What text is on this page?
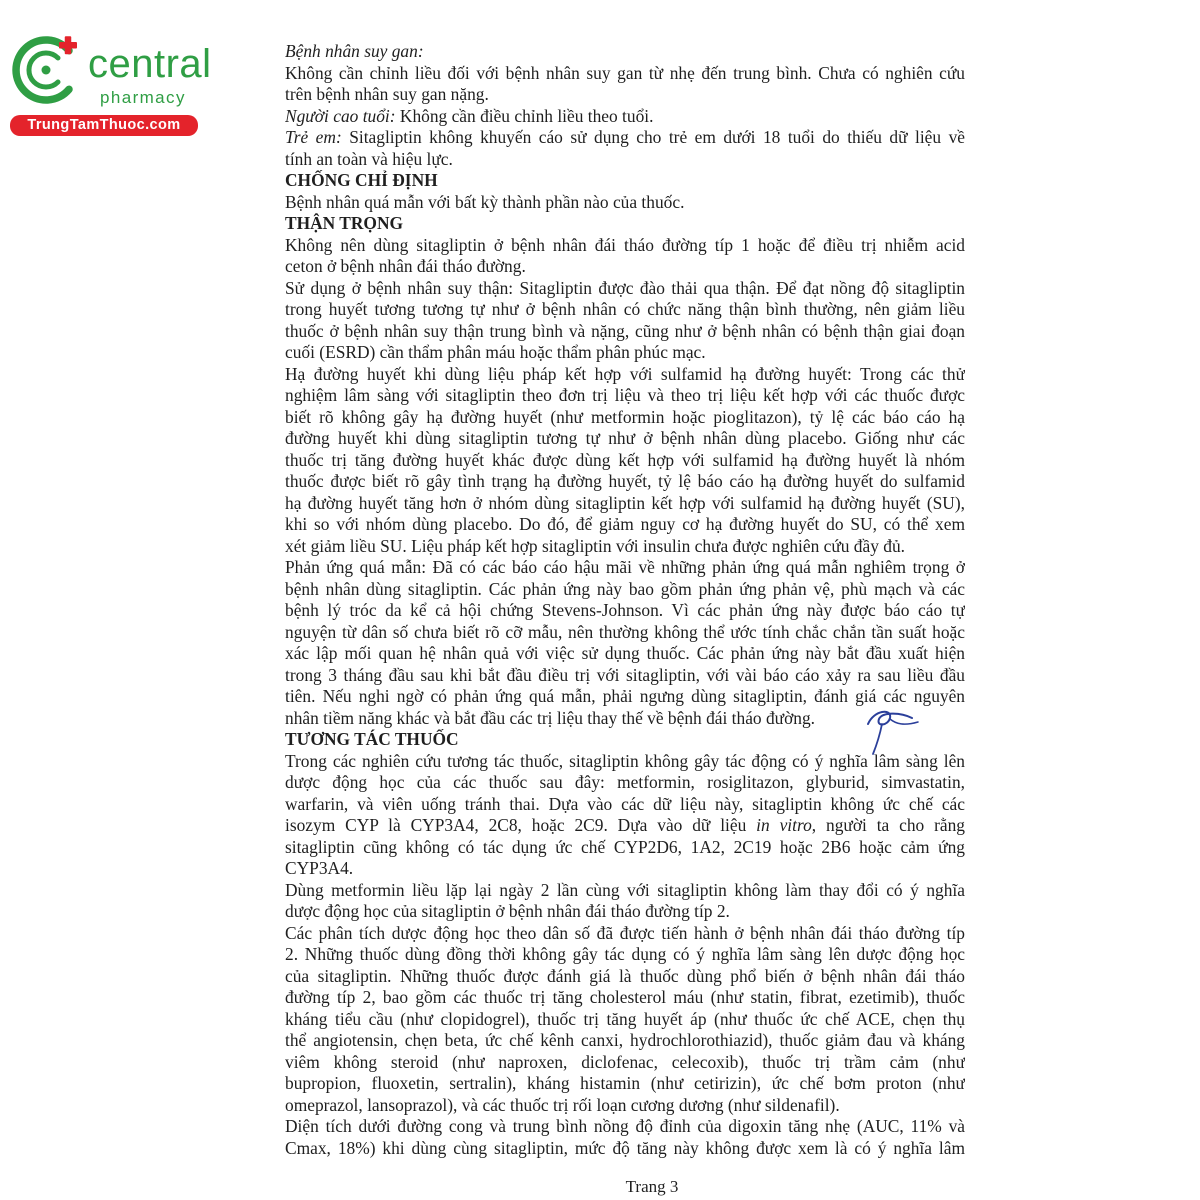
central
pharmacy
TrungTamThuoc.com
Bệnh nhân suy gan:
Không cần chỉnh liều đối với bệnh nhân suy gan từ nhẹ đến trung bình. Chưa có nghiên cứu
trên bệnh nhân suy gan nặng.
Người cao tuổi: Không cần điều chỉnh liều theo tuổi.
Trẻ em: Sitagliptin không khuyến cáo sử dụng cho trẻ em dưới 18 tuổi do thiếu dữ liệu về
tính an toàn và hiệu lực.
CHỐNG CHỈ ĐỊNH
Bệnh nhân quá mẫn với bất kỳ thành phần nào của thuốc.
THẬN TRỌNG
Không nên dùng sitagliptin ở bệnh nhân đái tháo đường típ 1 hoặc để điều trị nhiễm acid
ceton ở bệnh nhân đái tháo đường.
Sử dụng ở bệnh nhân suy thận: Sitagliptin được đào thải qua thận. Để đạt nồng độ sitagliptin
trong huyết tương tương tự như ở bệnh nhân có chức năng thận bình thường, nên giảm liều
thuốc ở bệnh nhân suy thận trung bình và nặng, cũng như ở bệnh nhân có bệnh thận giai đoạn
cuối (ESRD) cần thẩm phân máu hoặc thẩm phân phúc mạc.
Hạ đường huyết khi dùng liệu pháp kết hợp với sulfamid hạ đường huyết: Trong các thử
nghiệm lâm sàng với sitagliptin theo đơn trị liệu và theo trị liệu kết hợp với các thuốc được
biết rõ không gây hạ đường huyết (như metformin hoặc pioglitazon), tỷ lệ các báo cáo hạ
đường huyết khi dùng sitagliptin tương tự như ở bệnh nhân dùng placebo. Giống như các
thuốc trị tăng đường huyết khác được dùng kết hợp với sulfamid hạ đường huyết là nhóm
thuốc được biết rõ gây tình trạng hạ đường huyết, tỷ lệ báo cáo hạ đường huyết do sulfamid
hạ đường huyết tăng hơn ở nhóm dùng sitagliptin kết hợp với sulfamid hạ đường huyết (SU),
khi so với nhóm dùng placebo. Do đó, để giảm nguy cơ hạ đường huyết do SU, có thể xem
xét giảm liều SU. Liệu pháp kết hợp sitagliptin với insulin chưa được nghiên cứu đầy đủ.
Phản ứng quá mẫn: Đã có các báo cáo hậu mãi về những phản ứng quá mẫn nghiêm trọng ở
bệnh nhân dùng sitagliptin. Các phản ứng này bao gồm phản ứng phản vệ, phù mạch và các
bệnh lý tróc da kể cả hội chứng Stevens-Johnson. Vì các phản ứng này được báo cáo tự
nguyện từ dân số chưa biết rõ cỡ mẫu, nên thường không thể ước tính chắc chắn tần suất hoặc
xác lập mối quan hệ nhân quả với việc sử dụng thuốc. Các phản ứng này bắt đầu xuất hiện
trong 3 tháng đầu sau khi bắt đầu điều trị với sitagliptin, với vài báo cáo xảy ra sau liều đầu
tiên. Nếu nghi ngờ có phản ứng quá mẫn, phải ngưng dùng sitagliptin, đánh giá các nguyên
nhân tiềm năng khác và bắt đầu các trị liệu thay thế về bệnh đái tháo đường.
TƯƠNG TÁC THUỐC
Trong các nghiên cứu tương tác thuốc, sitagliptin không gây tác động có ý nghĩa lâm sàng lên
dược động học của các thuốc sau đây: metformin, rosiglitazon, glyburid, simvastatin,
warfarin, và viên uống tránh thai. Dựa vào các dữ liệu này, sitagliptin không ức chế các
isozym CYP là CYP3A4, 2C8, hoặc 2C9. Dựa vào dữ liệu in vitro, người ta cho rằng
sitagliptin cũng không có tác dụng ức chế CYP2D6, 1A2, 2C19 hoặc 2B6 hoặc cảm ứng
CYP3A4.
Dùng metformin liều lặp lại ngày 2 lần cùng với sitagliptin không làm thay đổi có ý nghĩa
dược động học của sitagliptin ở bệnh nhân đái tháo đường típ 2.
Các phân tích dược động học theo dân số đã được tiến hành ở bệnh nhân đái tháo đường típ
2. Những thuốc dùng đồng thời không gây tác dụng có ý nghĩa lâm sàng lên dược động học
của sitagliptin. Những thuốc được đánh giá là thuốc dùng phổ biến ở bệnh nhân đái tháo
đường típ 2, bao gồm các thuốc trị tăng cholesterol máu (như statin, fibrat, ezetimib), thuốc
kháng tiểu cầu (như clopidogrel), thuốc trị tăng huyết áp (như thuốc ức chế ACE, chẹn thụ
thể angiotensin, chẹn beta, ức chế kênh canxi, hydrochlorothiazid), thuốc giảm đau và kháng
viêm không steroid (như naproxen, diclofenac, celecoxib), thuốc trị trầm cảm (như
bupropion, fluoxetin, sertralin), kháng histamin (như cetirizin), ức chế bơm proton (như
omeprazol, lansoprazol), và các thuốc trị rối loạn cương dương (như sildenafil).
Diện tích dưới đường cong và trung bình nồng độ đỉnh của digoxin tăng nhẹ (AUC, 11% và
Cmax, 18%) khi dùng cùng sitagliptin, mức độ tăng này không được xem là có ý nghĩa lâm
Trang 3
